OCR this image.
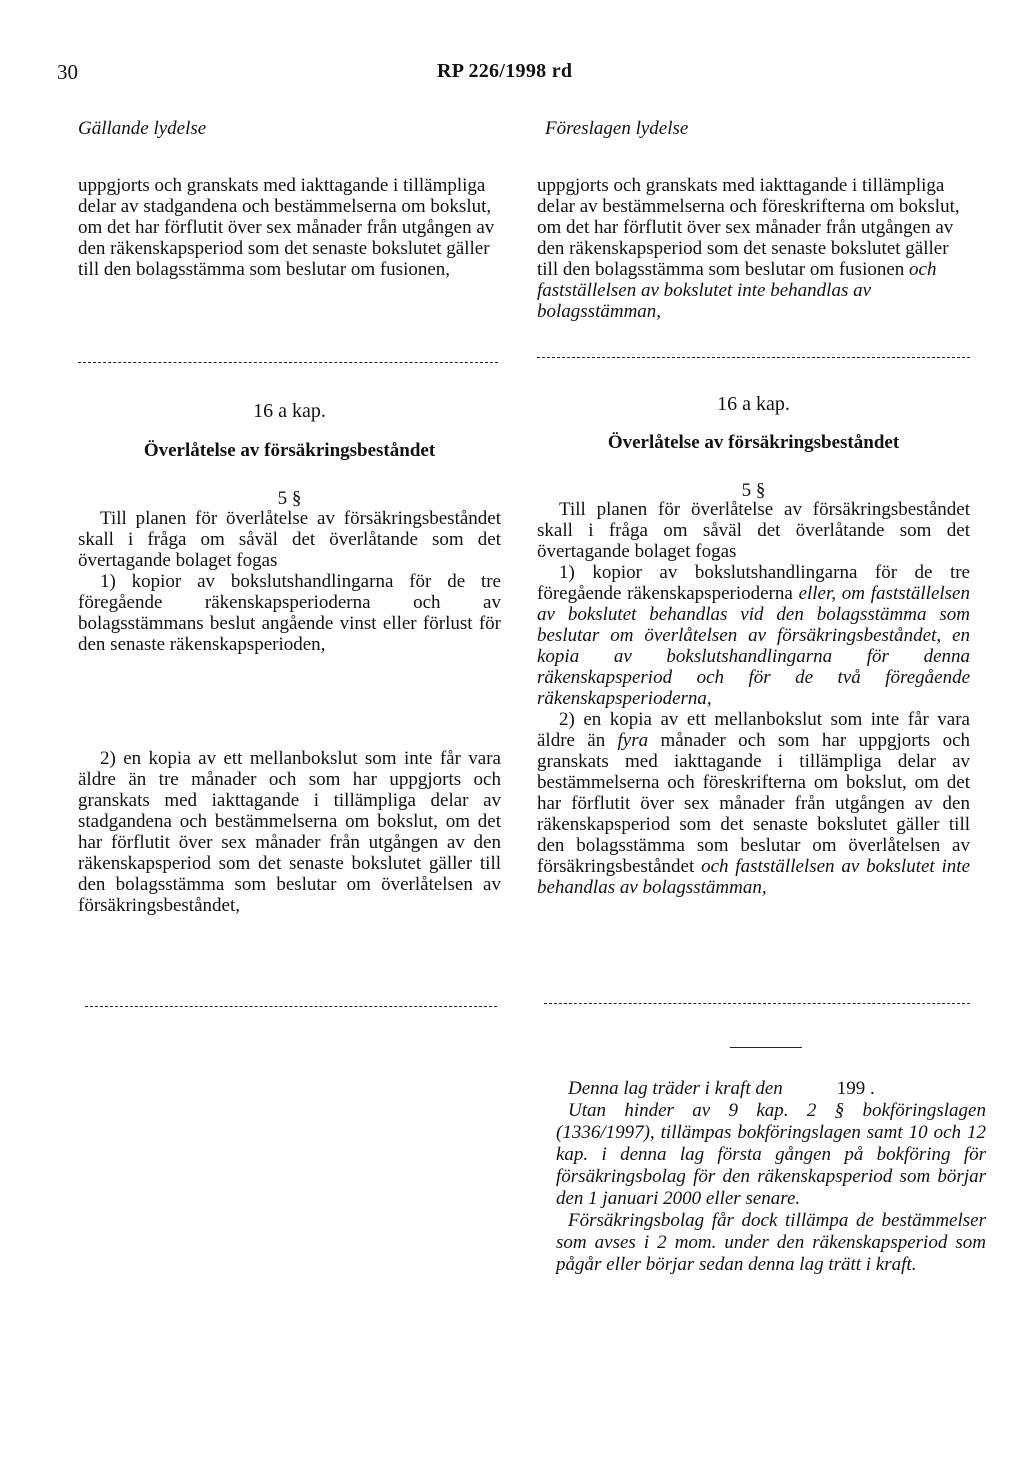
30	RP 226/1998 rd
Gällande lydelse	Föreslagen lydelse

uppgjorts och granskats med iakttagande i tillämpliga delar av stadgandena och bestämmelserna om bokslut, om det har förflutit över sex månader från utgången av den räkenskapsperiod som det senaste bokslutet gäller till den bolagsstämma som beslutar om fusionen,

16 a kap.
Överlåtelse av försäkringsbeståndet
5 §

Till planen för överlåtelse av försäkringsbeståndet skall i fråga om såväl det överlåtande som det övertagande bolaget fogas

1) kopior av bokslutshandlingarna för de tre föregående räkenskapsperioderna och av bolagsstämmans beslut angående vinst eller förlust för den senaste räkenskapsperioden,

2) en kopia av ett mellanbokslut som inte får vara äldre än tre månader och som har uppgjorts och granskats med iakttagande i tillämpliga delar av stadgandena och bestämmelserna om bokslut, om det har förflutit över sex månader från utgången av den räkenskapsperiod som det senaste bokslutet gäller till den bolagsstämma som beslutar om överlåtelsen av försäkringsbeståndet,

uppgjorts och granskats med iakttagande i tillämpliga delar av bestämmelserna och föreskrifterna om bokslut, om det har förflutit över sex månader från utgången av den räkenskapsperiod som det senaste bokslutet gäller till den bolagsstämma som beslutar om fusionen och fastställelsen av bokslutet inte behandlas av bolagsstämman,

16 a kap.
Överlåtelse av försäkringsbeståndet
5 §

Till planen för överlåtelse av försäkringsbeståndet skall i fråga om såväl det överlåtande som det övertagande bolaget fogas

1) kopior av bokslutshandlingarna för de tre föregående räkenskapsperioderna eller, om fastställelsen av bokslutet behandlas vid den bolagsstämma som beslutar om överlåtelsen av försäkringsbeståndet, en kopia av bokslutshandlingarna för denna räkenskapsperiod och för de två föregående räkenskapsperioderna,

2) en kopia av ett mellanbokslut som inte får vara äldre än fyra månader och som har uppgjorts och granskats med iakttagande i tillämpliga delar av bestämmelserna och föreskrifterna om bokslut, om det har förflutit över sex månader från utgången av den räkenskapsperiod som det senaste bokslutet gäller till den bolagsstämma som beslutar om överlåtelsen av försäkringsbeståndet och fastställelsen av bokslutet inte behandlas av bolagsstämman,

Denna lag träder i kraft den	199 .

Utan hinder av 9 kap. 2 § bokföringslagen (1336/1997), tillämpas bokföringslagen samt 10 och 12 kap. i denna lag första gången på bokföring för försäkringsbolag för den räkenskapsperiod som börjar den 1 januari 2000 eller senare.

Försäkringsbolag får dock tillämpa de bestämmelser som avses i 2 mom. under den räkenskapsperiod som pågår eller börjar sedan denna lag trätt i kraft.
